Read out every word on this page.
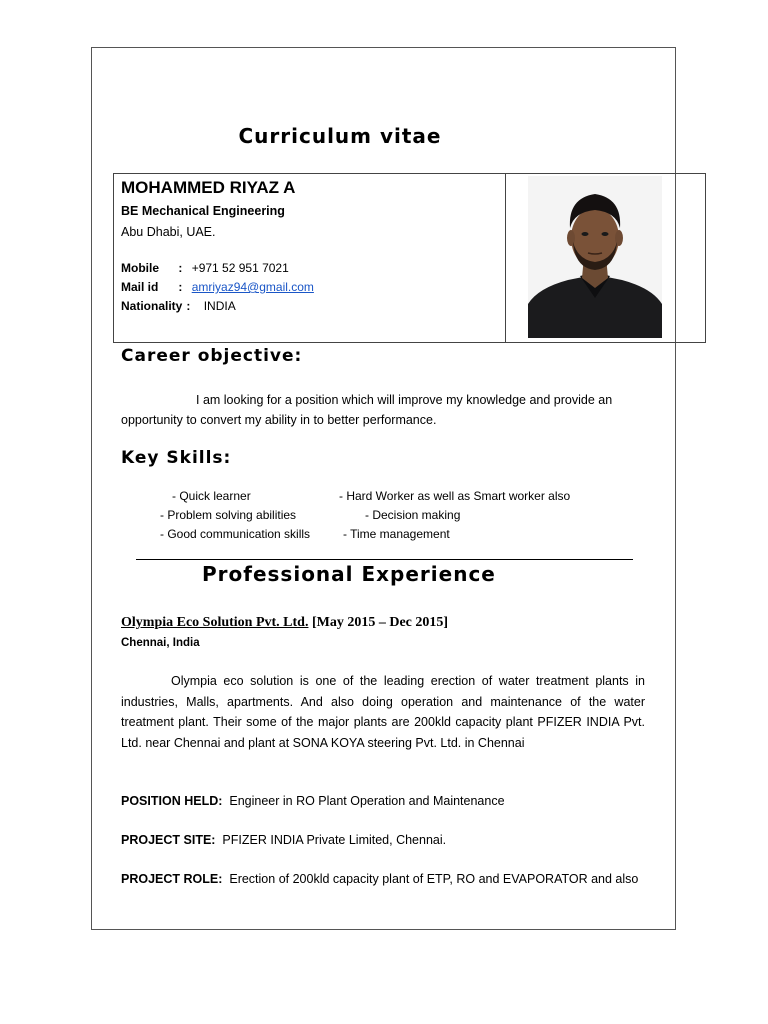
Curriculum vitae
MOHAMMED RIYAZ A
BE Mechanical Engineering
Abu Dhabi, UAE.
Mobile : +971 52 951 7021
Mail id : amriyaz94@gmail.com
Nationality : INDIA
Career objective:
I am looking for a position which will improve my knowledge and provide an opportunity to convert my ability in to better performance.
Key Skills:
- Quick learner	- Hard Worker as well as Smart worker also
- Problem solving abilities	- Decision making
- Good communication skills	- Time management
Professional Experience
Olympia Eco Solution Pvt. Ltd. [May 2015 – Dec 2015]
Chennai, India
Olympia eco solution is one of the leading erection of water treatment plants in industries, Malls, apartments. And also doing operation and maintenance of the water treatment plant. Their some of the major plants are 200kld capacity plant PFIZER INDIA Pvt. Ltd. near Chennai and plant at SONA KOYA steering Pvt. Ltd. in Chennai
POSITION HELD: Engineer in RO Plant Operation and Maintenance
PROJECT SITE: PFIZER INDIA Private Limited, Chennai.
PROJECT ROLE: Erection of 200kld capacity plant of ETP, RO and EVAPORATOR and also
